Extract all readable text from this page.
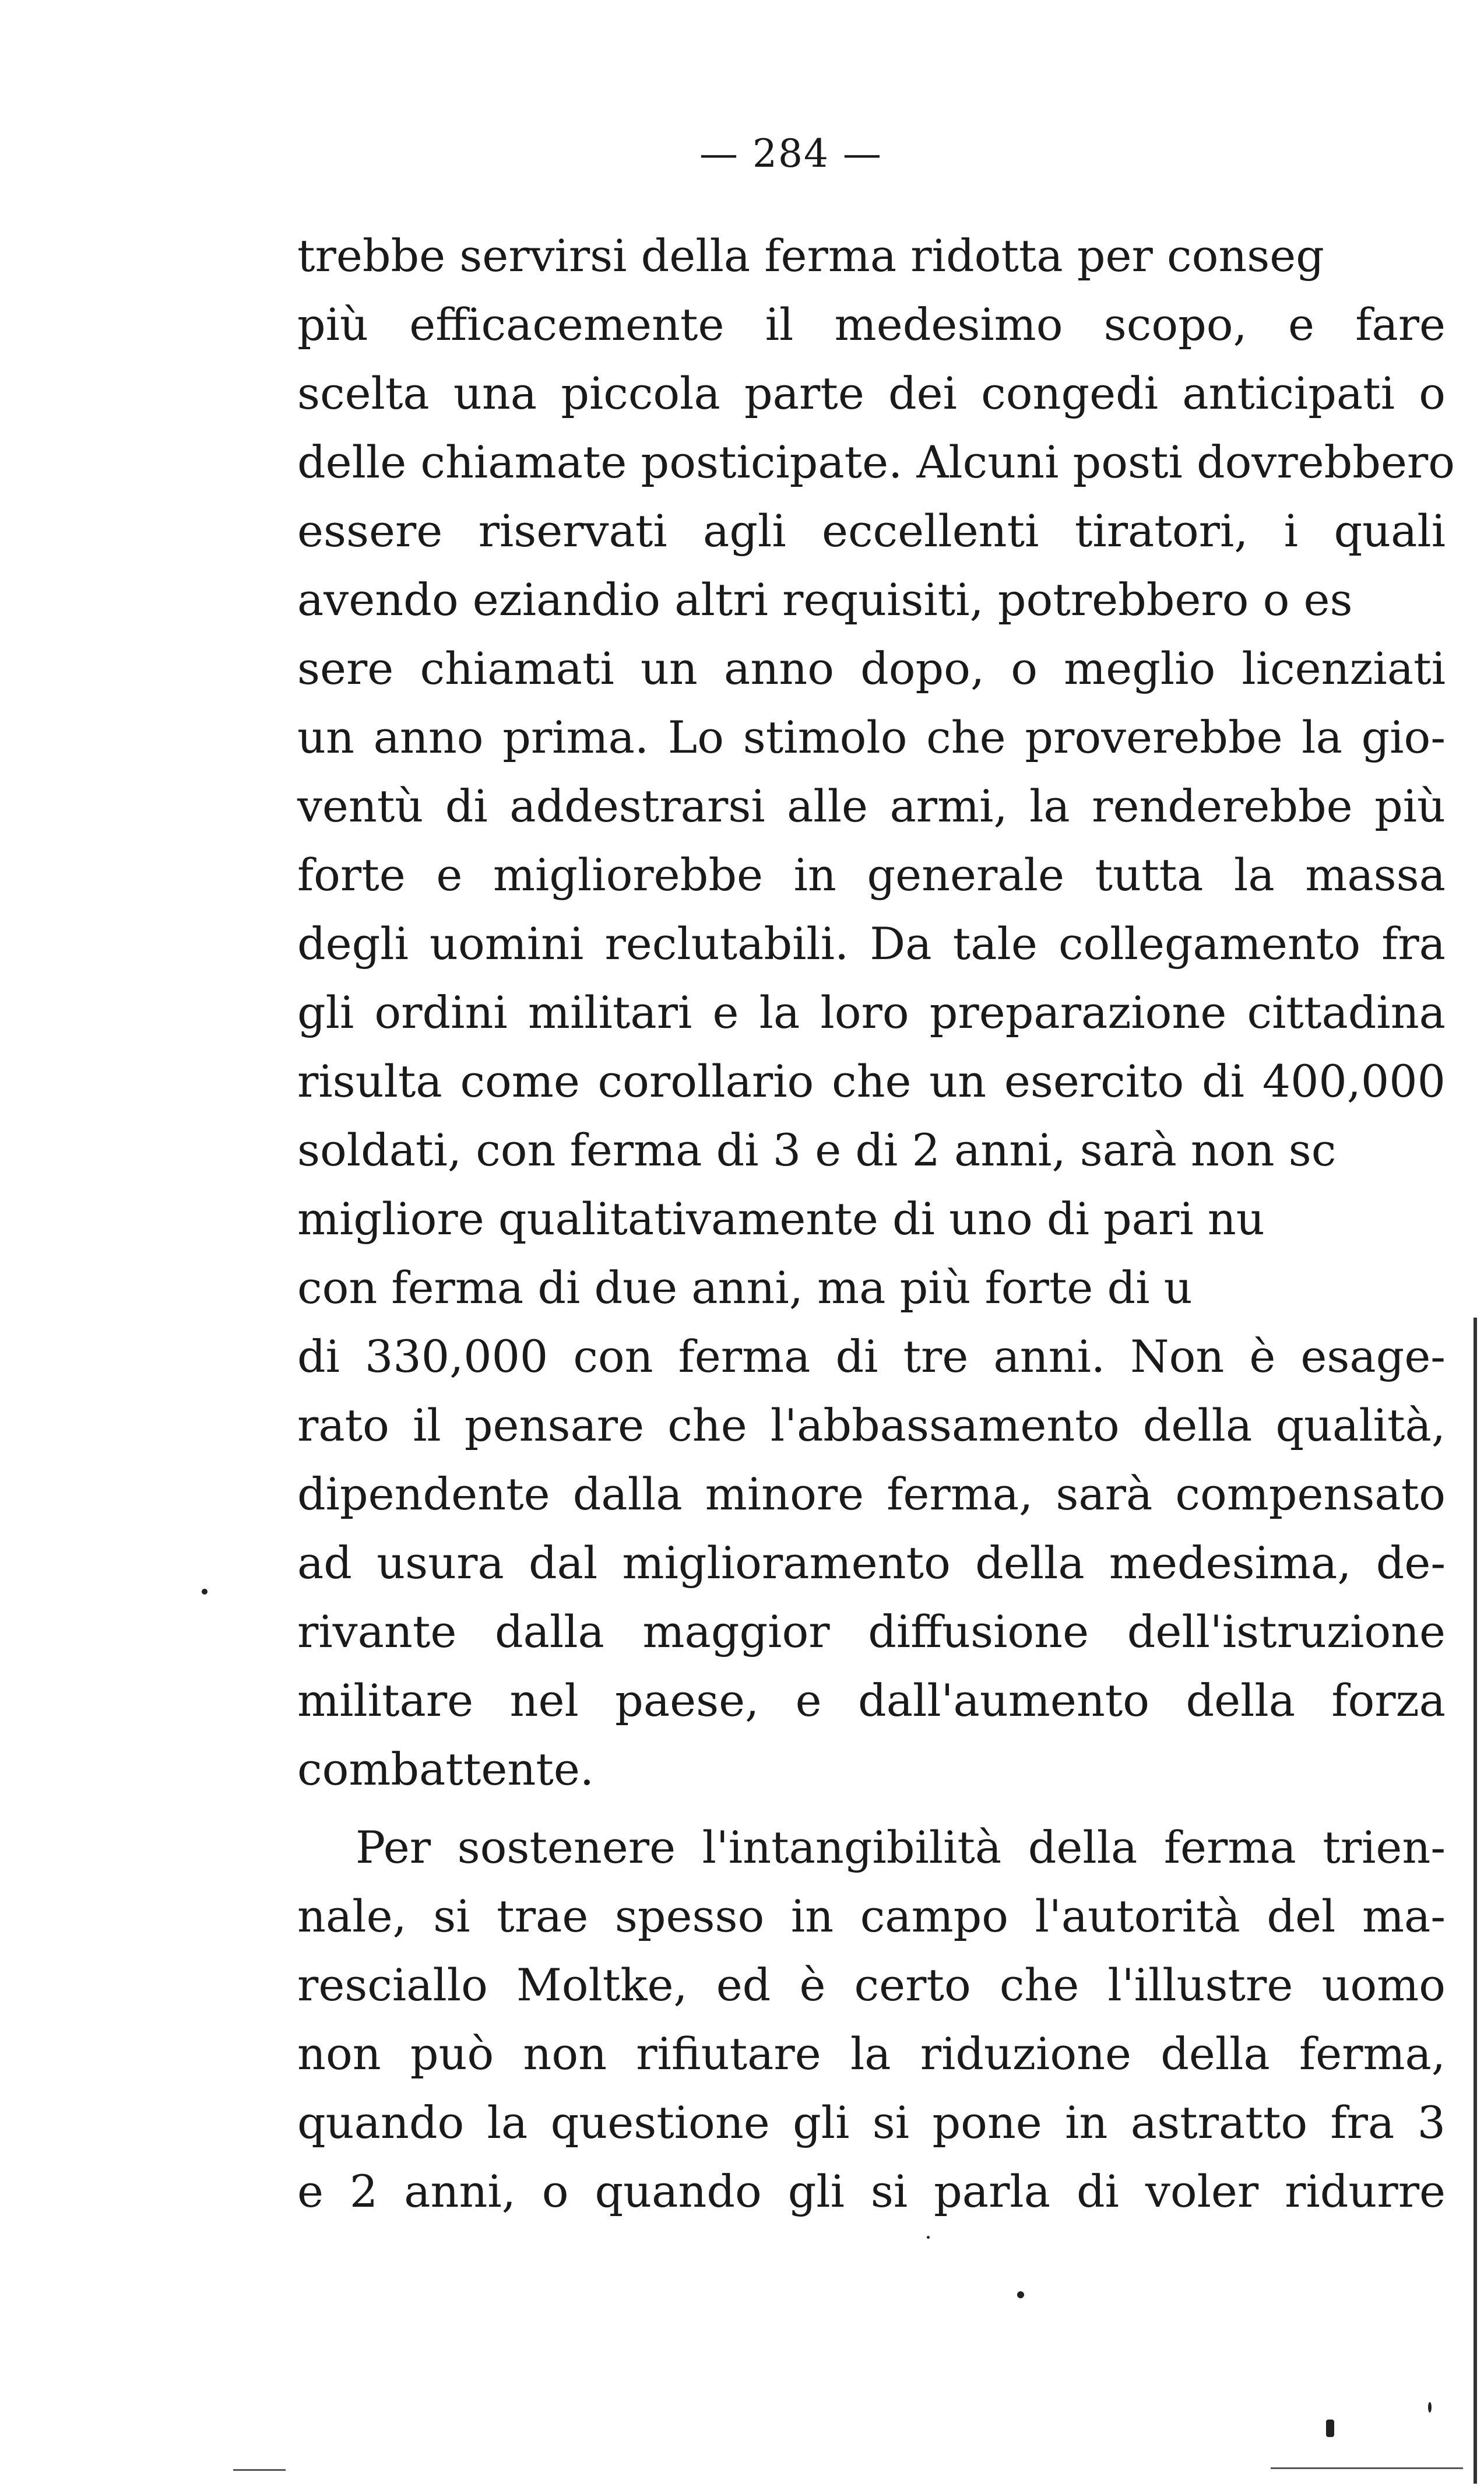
— 284 —
trebbe servirsi della ferma ridotta per conseg
più efficacemente il medesimo scopo, e fare
scelta una piccola parte dei congedi anticipati o
delle chiamate posticipate. Alcuni posti dovrebbero
essere riservati agli eccellenti tiratori, i quali
avendo eziandio altri requisiti, potrebbero o es
sere chiamati un anno dopo, o meglio licenziati
un anno prima. Lo stimolo che proverebbe la gio-
ventù di addestrarsi alle armi, la renderebbe più
forte e migliorebbe in generale tutta la massa
degli uomini reclutabili. Da tale collegamento fra
gli ordini militari e la loro preparazione cittadina
risulta come corollario che un esercito di 400,000
soldati, con ferma di 3 e di 2 anni, sarà non sc
migliore qualitativamente di uno di pari nu
con ferma di due anni, ma più forte di u
di 330,000 con ferma di tre anni. Non è esage-
rato il pensare che l'abbassamento della qualità,
dipendente dalla minore ferma, sarà compensato
ad usura dal miglioramento della medesima, de-
rivante dalla maggior diffusione dell'istruzione
militare nel paese, e dall'aumento della forza
combattente.
Per sostenere l'intangibilità della ferma trien-
nale, si trae spesso in campo l'autorità del ma-
resciallo Moltke, ed è certo che l'illustre uomo
non può non rifiutare la riduzione della ferma,
quando la questione gli si pone in astratto fra 3
e 2 anni, o quando gli si parla di voler ridurre
